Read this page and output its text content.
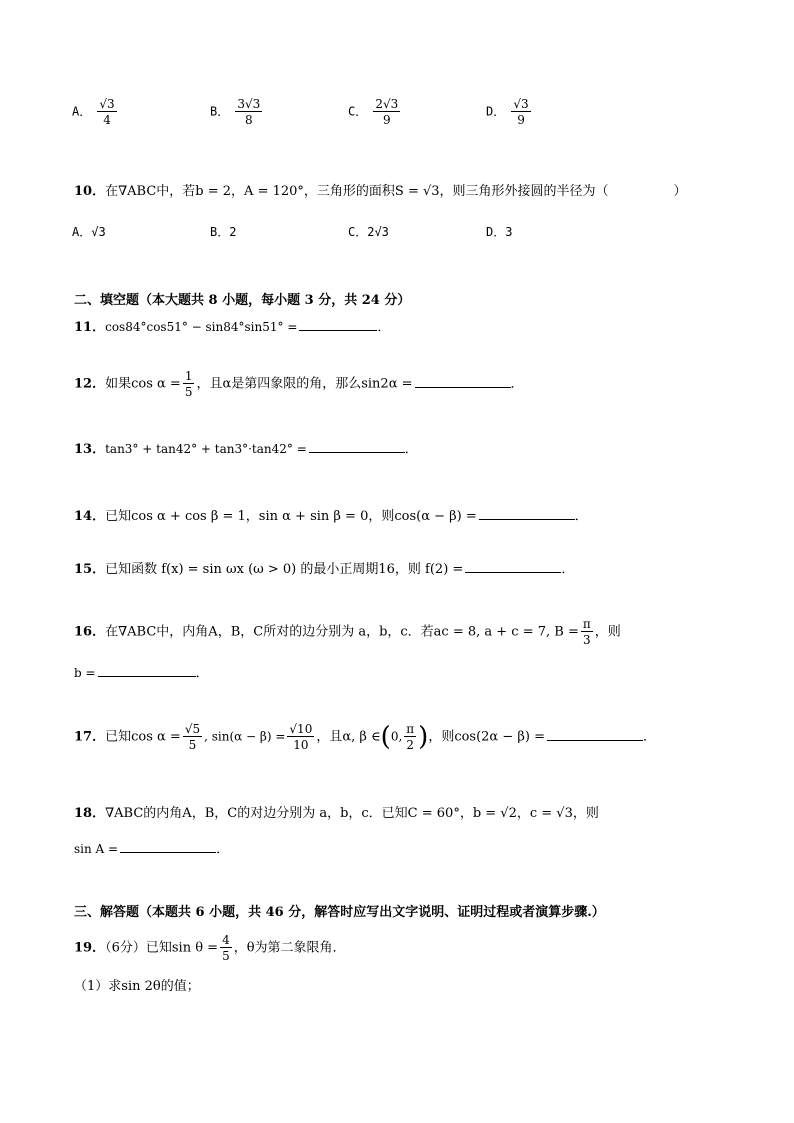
A． $\frac{√3}{4}$	B． $\frac{3√3}{8}$	C． $\frac{2√3}{9}$	D． $\frac{√3}{9}$
10．在∇ABC中，若b = 2，A = 120°，三角形的面积S = √3，则三角形外接圆的半径为（　　　　　）
A．√3	B．2	C．2√3	D．3
二、填空题（本大题共 8 小题，每小题 3 分，共 24 分）
11．cos84°cos51° − sin84°sin51° =	．
12．如果$\cos \alpha = \frac{1}{5}$ ，且α是第四象限的角，那么sin2α =	．
13．tan3° + tan42° + tan3°·tan42° =	．
14．已知cos α + cos β = 1，sin α + sin β = 0，则cos(α − β) =	．
15．已知函数 f(x) = sin ωx (ω > 0) 的最小正周期16，则 f(2) =	．
16．在∇ABC中，内角A，B，C所对的边分别为 a，b，c．若ac = 8, a + c = 7, $B = \frac{\pi}{3}$ ，则
b =	．
17．已知$\cos \alpha = \frac{√5}{5}$ , $\sin(\alpha - \beta) = \frac{√10}{10}$ ，且α, β ∈(0, $\frac{\pi}{2}$ )，则cos(2α − β) =	．
18．∇ABC的内角A，B，C的对边分别为 a，b，c．已知C = 60°，b = √2，c = √3，则
sin A =	．
三、解答题（本题共 6 小题，共 46 分，解答时应写出文字说明、证明过程或者演算步骤.）
19．（6分）已知$\sin \theta = \frac{4}{5}$ ，θ为第二象限角．
（1）求sin 2θ的值；
